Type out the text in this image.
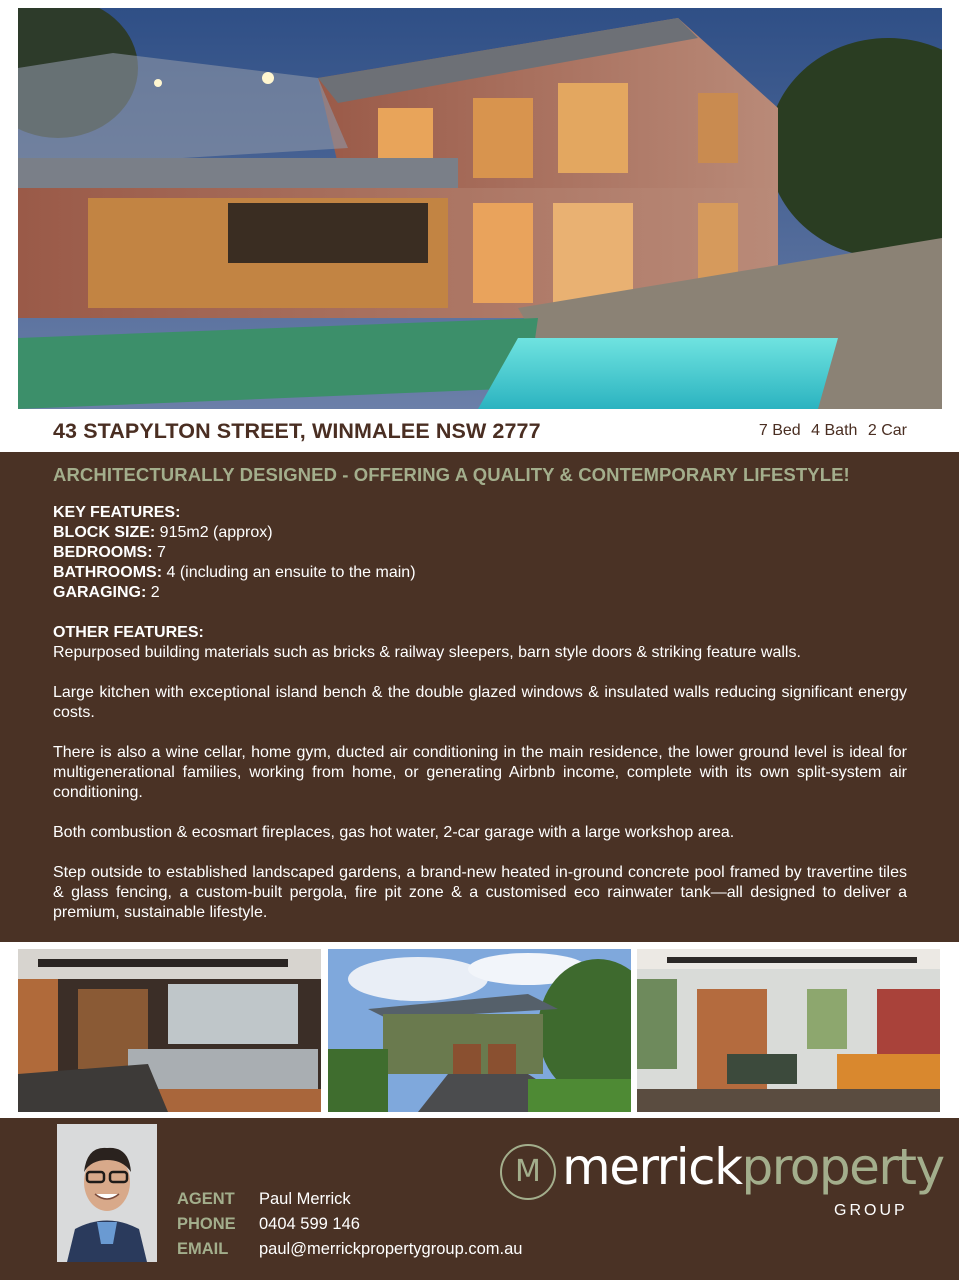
43 STAPYLTON STREET, WINMALEE NSW 2777	7 Bed 4 Bath 2 Car
ARCHITECTURALLY DESIGNED - OFFERING A QUALITY & CONTEMPORARY LIFESTYLE!
KEY FEATURES:
BLOCK SIZE: 915m2 (approx)
BEDROOMS: 7
BATHROOMS: 4 (including an ensuite to the main)
GARAGING: 2
OTHER FEATURES:

Repurposed building materials such as bricks & railway sleepers, barn style doors & striking feature walls.

Large kitchen with exceptional island bench & the double glazed windows & insulated walls reducing significant energy costs.

There is also a wine cellar, home gym, ducted air conditioning in the main residence, the lower ground level is ideal for multigenerational families, working from home, or generating Airbnb income, complete with its own split-system air conditioning.

Both combustion & ecosmart fireplaces, gas hot water, 2-car garage with a large workshop area.

Step outside to established landscaped gardens, a brand-new heated in-ground concrete pool framed by travertine tiles & glass fencing, a custom-built pergola, fire pit zone & a customised eco rainwater tank—all designed to deliver a premium, sustainable lifestyle.

AGENT	Paul Merrick
PHONE	0404 599 146
EMAIL	paul@merrickpropertygroup.com.au
M merrickproperty
GROUP
